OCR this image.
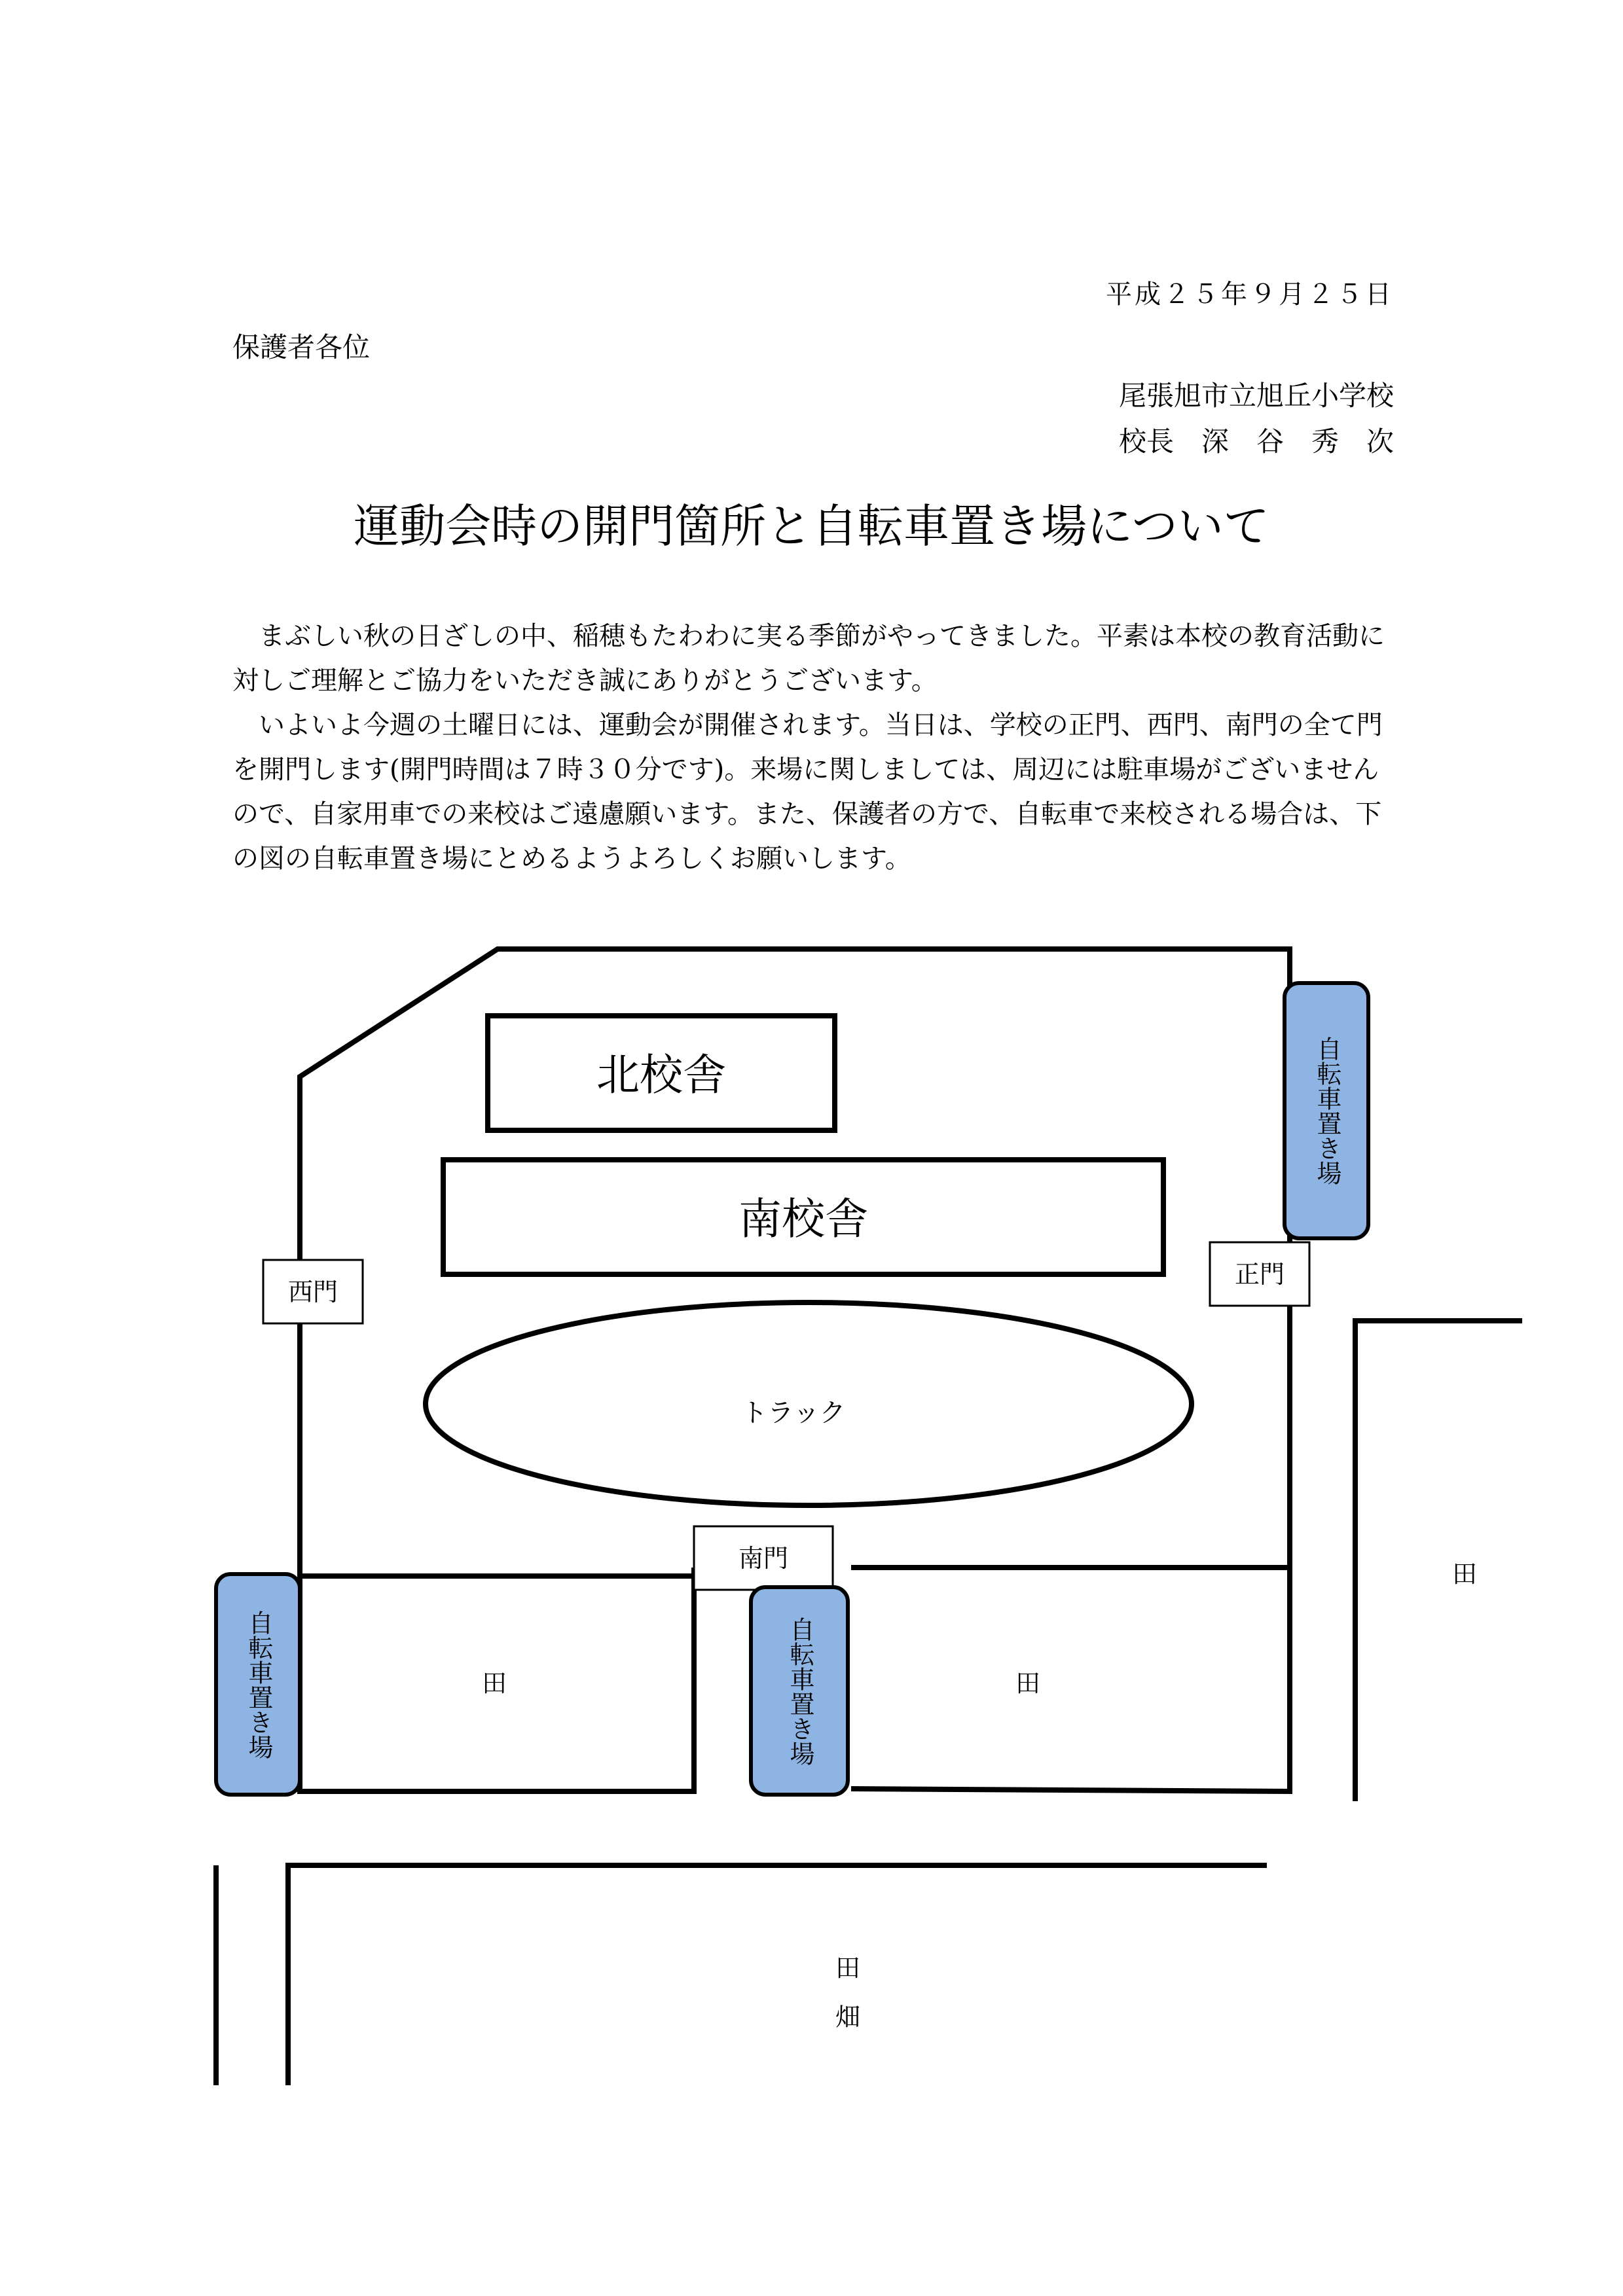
平成２５年９月２５日
保護者各位
尾張旭市立旭丘小学校
校長　深　谷　秀　次
運動会時の開門箇所と自転車置き場について

まぶしい秋の日ざしの中、稲穂もたわわに実る季節がやってきました。平素は本校の教育活動に対しご理解とご協力をいただき誠にありがとうございます。

いよいよ今週の土曜日には、運動会が開催されます。当日は、学校の正門、西門、南門の全て門を開門します(開門時間は７時３０分です)。来場に関しましては、周辺には駐車場がございませんので、自家用車での来校はご遠慮願います。また、保護者の方で、自転車で来校される場合は、下の図の自転車置き場にとめるようよろしくお願いします。

北校舎
南校舎
トラック
西門
正門
南門
田	田
田
田
畑
自転車置き場
自転車置き場	自転車置き場
